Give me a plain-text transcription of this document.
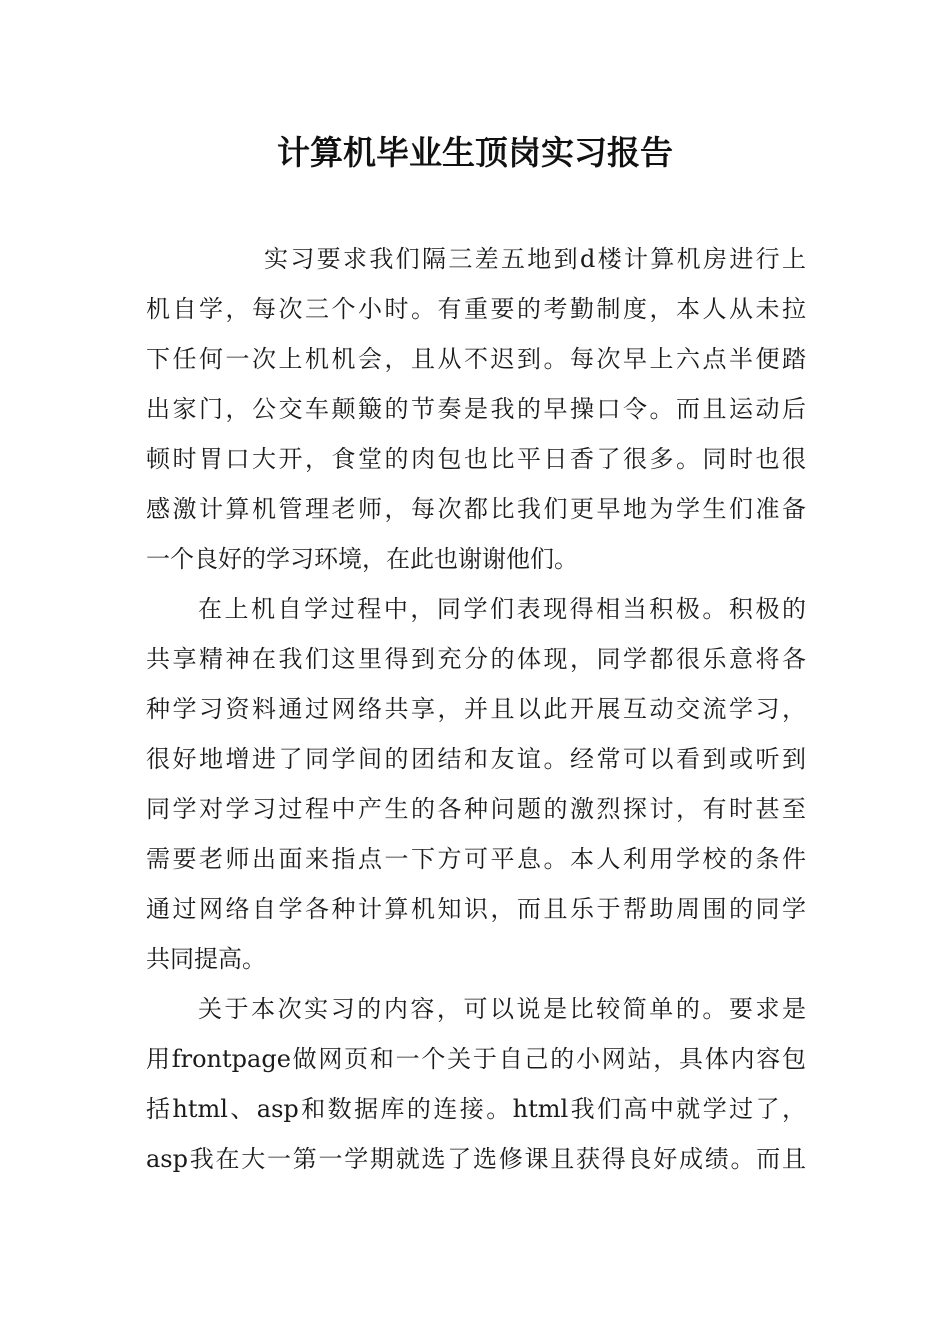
计算机毕业生顶岗实习报告
实习要求我们隔三差五地到d楼计算机房进行上
机自学，每次三个小时。有重要的考勤制度，本人从未拉
下任何一次上机机会，且从不迟到。每次早上六点半便踏
出家门，公交车颠簸的节奏是我的早操口令。而且运动后
顿时胃口大开，食堂的肉包也比平日香了很多。同时也很
感激计算机管理老师，每次都比我们更早地为学生们准备
一个良好的学习环境，在此也谢谢他们。
在上机自学过程中，同学们表现得相当积极。积极的
共享精神在我们这里得到充分的体现，同学都很乐意将各
种学习资料通过网络共享，并且以此开展互动交流学习，
很好地增进了同学间的团结和友谊。经常可以看到或听到
同学对学习过程中产生的各种问题的激烈探讨，有时甚至
需要老师出面来指点一下方可平息。本人利用学校的条件
通过网络自学各种计算机知识，而且乐于帮助周围的同学
共同提高。
关于本次实习的内容，可以说是比较简单的。要求是
用frontpage做网页和一个关于自己的小网站，具体内容包
括html、asp和数据库的连接。html我们高中就学过了，
asp我在大一第一学期就选了选修课且获得良好成绩。而且
